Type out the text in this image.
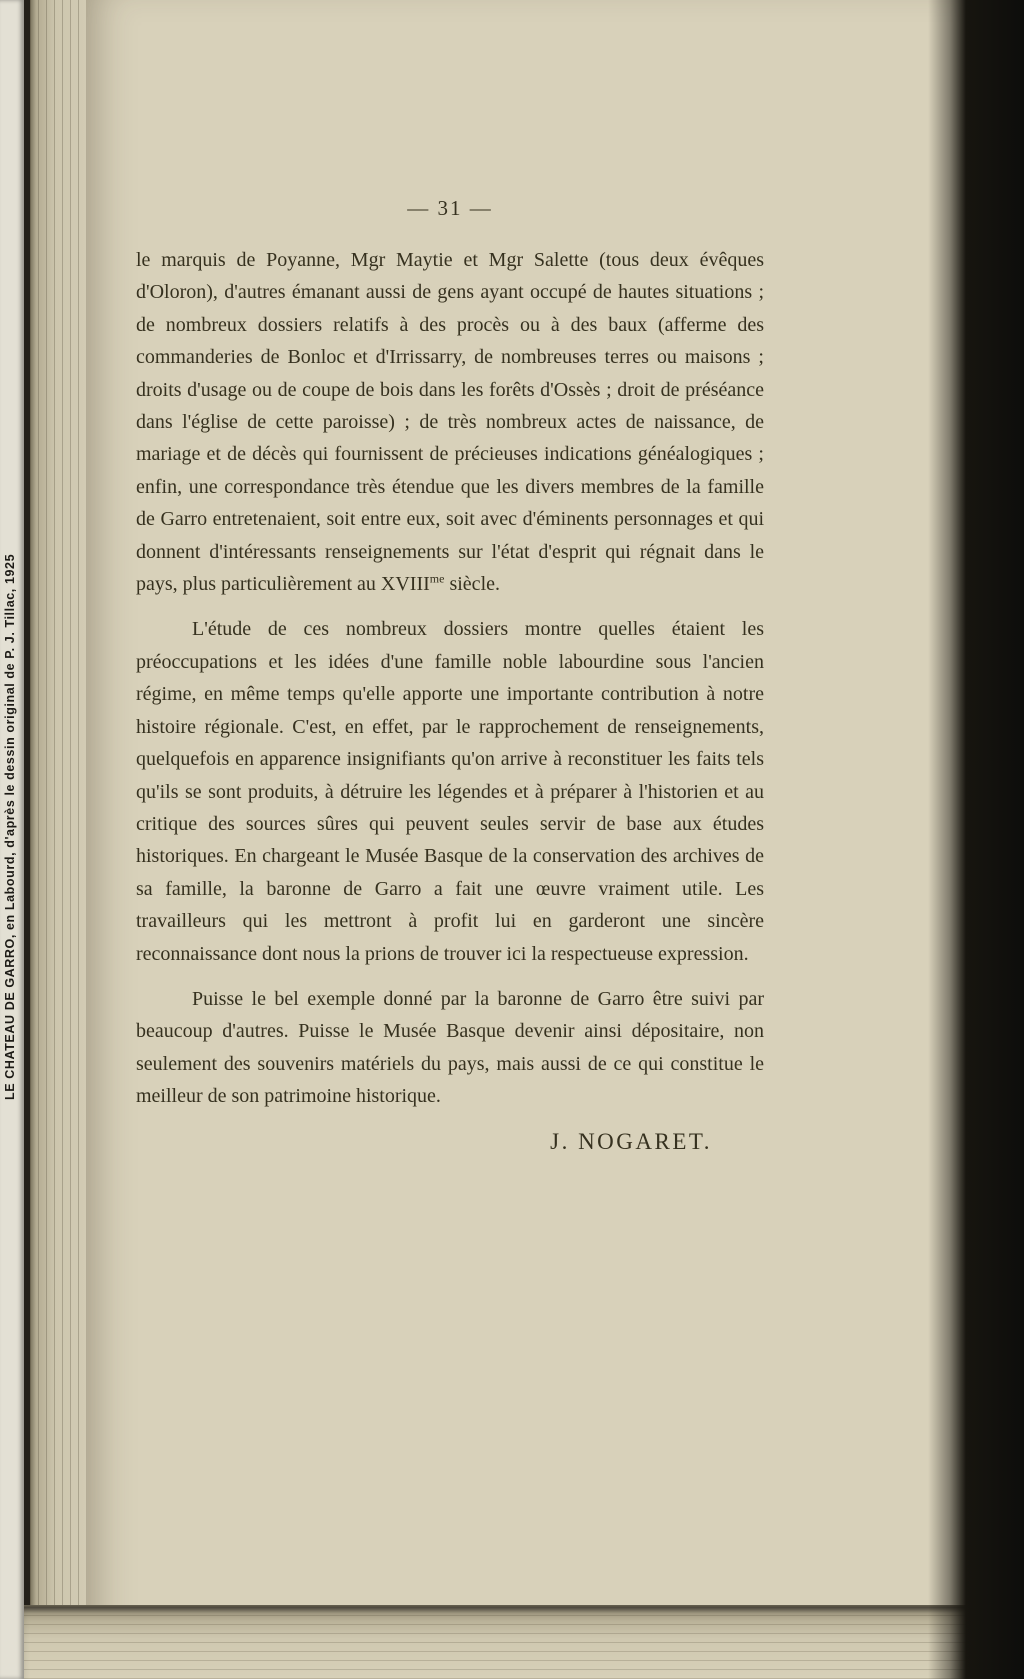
LE CHATEAU DE GARRO, en Labourd, d'après le dessin original de P. J. Tillac, 1925
— 31 —

le marquis de Poyanne, Mgr Maytie et Mgr Salette (tous deux évêques d'Oloron), d'autres émanant aussi de gens ayant occupé de hautes situations ; de nombreux dossiers relatifs à des procès ou à des baux (afferme des commanderies de Bonloc et d'Irrissarry, de nombreuses terres ou maisons ; droits d'usage ou de coupe de bois dans les forêts d'Ossès ; droit de préséance dans l'église de cette paroisse) ; de très nombreux actes de naissance, de mariage et de décès qui fournissent de précieuses indications généalogiques ; enfin, une correspondance très étendue que les divers membres de la famille de Garro entretenaient, soit entre eux, soit avec d'éminents personnages et qui donnent d'intéressants renseignements sur l'état d'esprit qui régnait dans le pays, plus particulièrement au $XVIII^{me}$ siècle.

L'étude de ces nombreux dossiers montre quelles étaient les préoccupations et les idées d'une famille noble labourdine sous l'ancien régime, en même temps qu'elle apporte une importante contribution à notre histoire régionale. C'est, en effet, par le rapprochement de renseignements, quelquefois en apparence insignifiants qu'on arrive à reconstituer les faits tels qu'ils se sont produits, à détruire les légendes et à préparer à l'historien et au critique des sources sûres qui peuvent seules servir de base aux études historiques. En chargeant le Musée Basque de la conservation des archives de sa famille, la baronne de Garro a fait une œuvre vraiment utile. Les travailleurs qui les mettront à profit lui en garderont une sincère reconnaissance dont nous la prions de trouver ici la respectueuse expression.

Puisse le bel exemple donné par la baronne de Garro être suivi par beaucoup d'autres. Puisse le Musée Basque devenir ainsi dépositaire, non seulement des souvenirs matériels du pays, mais aussi de ce qui constitue le meilleur de son patrimoine historique.

J. NOGARET.
